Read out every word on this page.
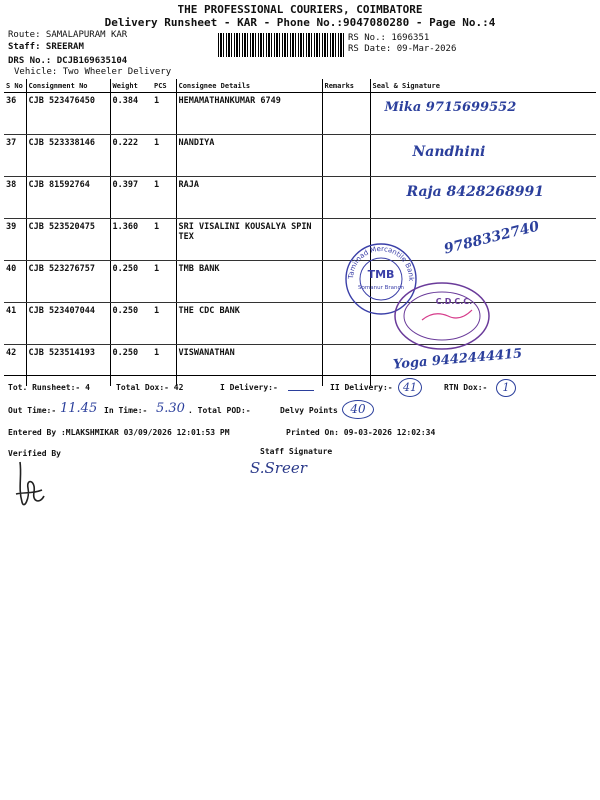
THE PROFESSIONAL COURIERS, COIMBATORE
Delivery Runsheet - KAR - Phone No.:9047080280 - Page No.:4
Route: SAMALAPURAM KAR
Staff: SREERAM
DRS No.: DCJB169635104
Vehicle: Two Wheeler Delivery
RS No.: 1696351
RS Date: 09-Mar-2026
S No	Consignment No	Weight	PCS	Consignee Details	Remarks	Seal & Signature
36	CJB 523476450	0.384	1	HEMAMATHANKUMAR 6749		Mika 9715699552
37	CJB 523338146	0.222	1	NANDIYA		Nandhini
38	CJB 81592764	0.397	1	RAJA		Raja 8428268991
39	CJB 523520475	1.360	1	SRI VISALINI KOUSALYA SPIN TEX		9788332740
40	CJB 523276757	0.250	1	TMB BANK		
41	CJB 523407044	0.250	1	THE CDC BANK		
42	CJB 523514193	0.250	1	VISWANATHAN		Yoga 9442444415
Tamilnad Mercantile Bank
TMB
Somanur Branch
C.D.C.C.
Tot. Runsheet:- 4	Total Dox:- 42	I Delivery:-	II Delivery:- 41	RTN Dox:-	1
Out Time:- 11.45 In Time:- 5.30 . Total POD:-	Delvy Points	40
Entered By :MLAKSHMIKAR 03/09/2026 12:01:53 PM	Printed On: 09-03-2026 12:02:34
Verified By	Staff Signature
S.Sreer
